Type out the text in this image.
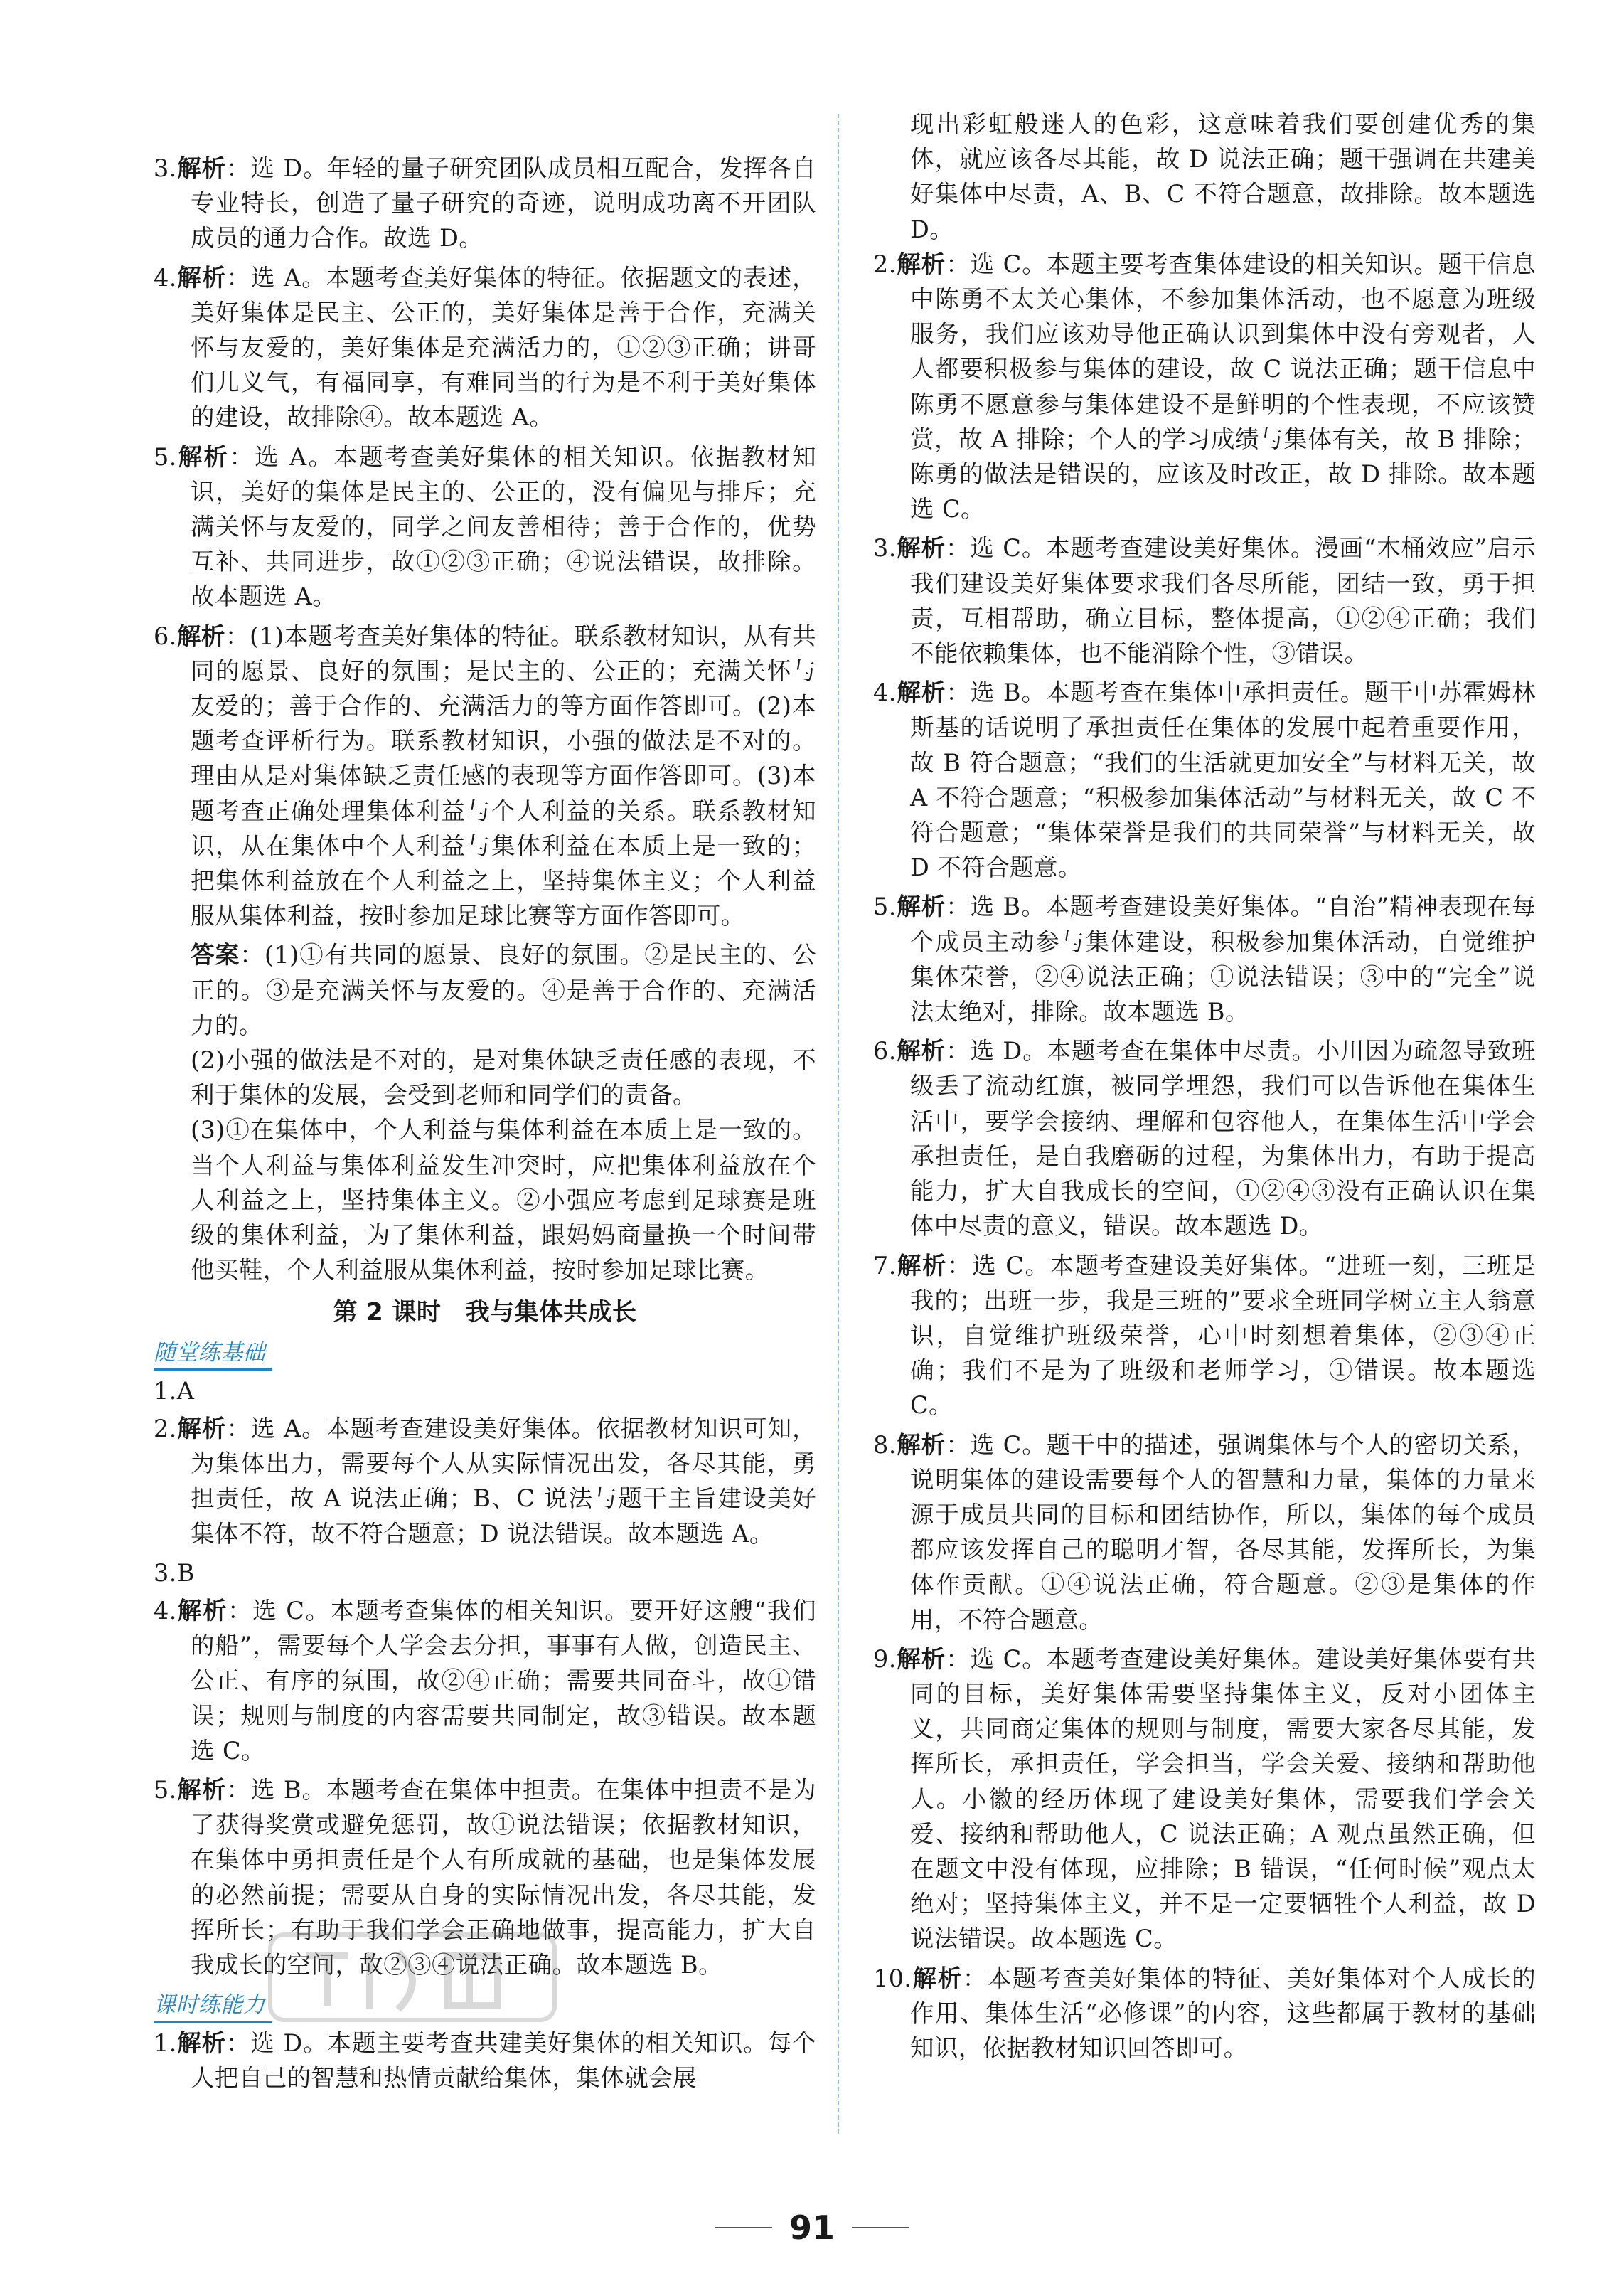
3.解析：选 D。年轻的量子研究团队成员相互配合，发挥各自专业特长，创造了量子研究的奇迹，说明成功离不开团队成员的通力合作。故选 D。
4.解析：选 A。本题考查美好集体的特征。依据题文的表述，美好集体是民主、公正的，美好集体是善于合作，充满关怀与友爱的，美好集体是充满活力的，①②③正确；讲哥们儿义气，有福同享，有难同当的行为是不利于美好集体的建设，故排除④。故本题选 A。
5.解析：选 A。本题考查美好集体的相关知识。依据教材知识，美好的集体是民主的、公正的，没有偏见与排斥；充满关怀与友爱的，同学之间友善相待；善于合作的，优势互补、共同进步，故①②③正确；④说法错误，故排除。故本题选 A。
6.解析：(1)本题考查美好集体的特征。联系教材知识，从有共同的愿景、良好的氛围；是民主的、公正的；充满关怀与友爱的；善于合作的、充满活力的等方面作答即可。(2)本题考查评析行为。联系教材知识，小强的做法是不对的。理由从是对集体缺乏责任感的表现等方面作答即可。(3)本题考查正确处理集体利益与个人利益的关系。联系教材知识，从在集体中个人利益与集体利益在本质上是一致的；把集体利益放在个人利益之上，坚持集体主义；个人利益服从集体利益，按时参加足球比赛等方面作答即可。
答案：(1)①有共同的愿景、良好的氛围。②是民主的、公正的。③是充满关怀与友爱的。④是善于合作的、充满活力的。
(2)小强的做法是不对的，是对集体缺乏责任感的表现，不利于集体的发展，会受到老师和同学们的责备。
(3)①在集体中，个人利益与集体利益在本质上是一致的。当个人利益与集体利益发生冲突时，应把集体利益放在个人利益之上，坚持集体主义。②小强应考虑到足球赛是班级的集体利益，为了集体利益，跟妈妈商量换一个时间带他买鞋，个人利益服从集体利益，按时参加足球比赛。
第 2 课时　我与集体共成长
随堂练基础
1.A
2.解析：选 A。本题考查建设美好集体。依据教材知识可知，为集体出力，需要每个人从实际情况出发，各尽其能，勇担责任，故 A 说法正确；B、C 说法与题干主旨建设美好集体不符，故不符合题意；D 说法错误。故本题选 A。
3.B
4.解析：选 C。本题考查集体的相关知识。要开好这艘“我们的船”，需要每个人学会去分担，事事有人做，创造民主、公正、有序的氛围，故②④正确；需要共同奋斗，故①错误；规则与制度的内容需要共同制定，故③错误。故本题选 C。
5.解析：选 B。本题考查在集体中担责。在集体中担责不是为了获得奖赏或避免惩罚，故①说法错误；依据教材知识，在集体中勇担责任是个人有所成就的基础，也是集体发展的必然前提；需要从自身的实际情况出发，各尽其能，发挥所长；有助于我们学会正确地做事，提高能力，扩大自我成长的空间，故②③④说法正确。故本题选 B。
课时练能力
1.解析：选 D。本题主要考查共建美好集体的相关知识。每个人把自己的智慧和热情贡献给集体，集体就会展
现出彩虹般迷人的色彩，这意味着我们要创建优秀的集体，就应该各尽其能，故 D 说法正确；题干强调在共建美好集体中尽责，A、B、C 不符合题意，故排除。故本题选 D。
2.解析：选 C。本题主要考查集体建设的相关知识。题干信息中陈勇不太关心集体，不参加集体活动，也不愿意为班级服务，我们应该劝导他正确认识到集体中没有旁观者，人人都要积极参与集体的建设，故 C 说法正确；题干信息中陈勇不愿意参与集体建设不是鲜明的个性表现，不应该赞赏，故 A 排除；个人的学习成绩与集体有关，故 B 排除；陈勇的做法是错误的，应该及时改正，故 D 排除。故本题选 C。
3.解析：选 C。本题考查建设美好集体。漫画“木桶效应”启示我们建设美好集体要求我们各尽所能，团结一致，勇于担责，互相帮助，确立目标，整体提高，①②④正确；我们不能依赖集体，也不能消除个性，③错误。
4.解析：选 B。本题考查在集体中承担责任。题干中苏霍姆林斯基的话说明了承担责任在集体的发展中起着重要作用，故 B 符合题意；“我们的生活就更加安全”与材料无关，故 A 不符合题意；“积极参加集体活动”与材料无关，故 C 不符合题意；“集体荣誉是我们的共同荣誉”与材料无关，故 D 不符合题意。
5.解析：选 B。本题考查建设美好集体。“自治”精神表现在每个成员主动参与集体建设，积极参加集体活动，自觉维护集体荣誉，②④说法正确；①说法错误；③中的“完全”说法太绝对，排除。故本题选 B。
6.解析：选 D。本题考查在集体中尽责。小川因为疏忽导致班级丢了流动红旗，被同学埋怨，我们可以告诉他在集体生活中，要学会接纳、理解和包容他人，在集体生活中学会承担责任，是自我磨砺的过程，为集体出力，有助于提高能力，扩大自我成长的空间，①②④③没有正确认识在集体中尽责的意义，错误。故本题选 D。
7.解析：选 C。本题考查建设美好集体。“进班一刻，三班是我的；出班一步，我是三班的”要求全班同学树立主人翁意识，自觉维护班级荣誉，心中时刻想着集体，②③④正确；我们不是为了班级和老师学习，①错误。故本题选 C。
8.解析：选 C。题干中的描述，强调集体与个人的密切关系，说明集体的建设需要每个人的智慧和力量，集体的力量来源于成员共同的目标和团结协作，所以，集体的每个成员都应该发挥自己的聪明才智，各尽其能，发挥所长，为集体作贡献。①④说法正确，符合题意。②③是集体的作用，不符合题意。
9.解析：选 C。本题考查建设美好集体。建设美好集体要有共同的目标，美好集体需要坚持集体主义，反对小团体主义，共同商定集体的规则与制度，需要大家各尽其能，发挥所长，承担责任，学会担当，学会关爱、接纳和帮助他人。小徽的经历体现了建设美好集体，需要我们学会关爱、接纳和帮助他人，C 说法正确；A 观点虽然正确，但在题文中没有体现，应排除；B 错误，“任何时候”观点太绝对；坚持集体主义，并不是一定要牺牲个人利益，故 D 说法错误。故本题选 C。
10.解析：本题考查美好集体的特征、美好集体对个人成长的作用、集体生活“必修课”的内容，这些都属于教材的基础知识，依据教材知识回答即可。
91
